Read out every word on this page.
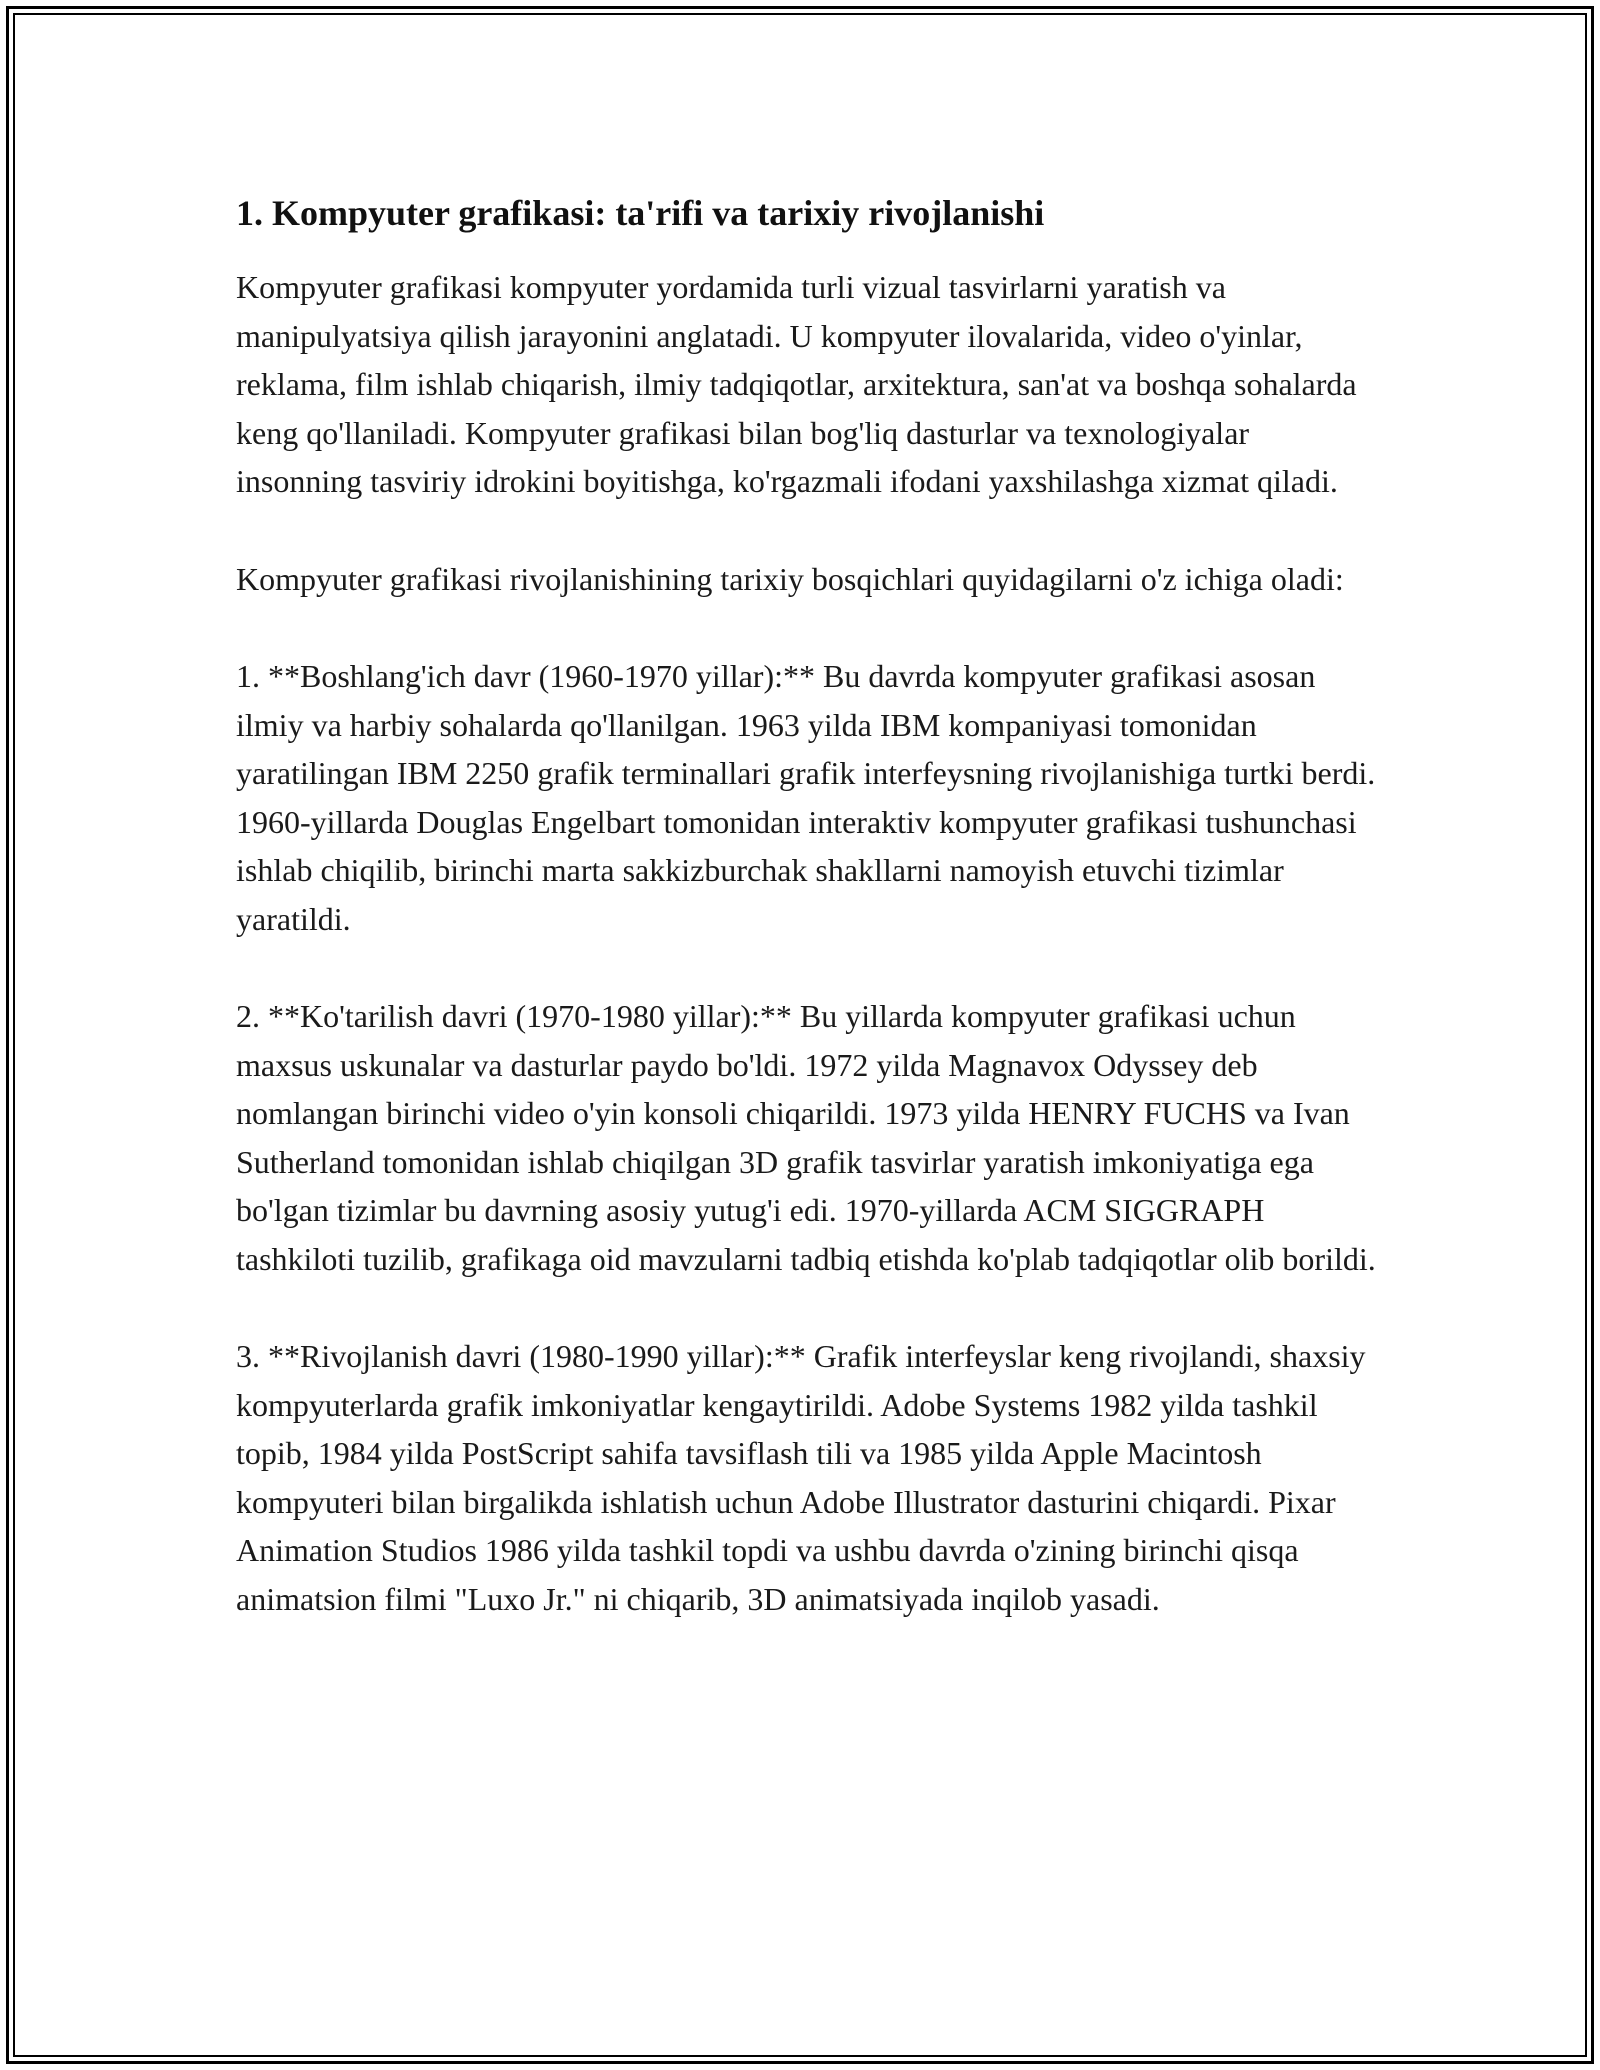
1. Kompyuter grafikasi: ta'rifi va tarixiy rivojlanishi

Kompyuter grafikasi kompyuter yordamida turli vizual tasvirlarni yaratish va manipulyatsiya qilish jarayonini anglatadi. U kompyuter ilovalarida, video o'yinlar, reklama, film ishlab chiqarish, ilmiy tadqiqotlar, arxitektura, san'at va boshqa sohalarda keng qo'llaniladi. Kompyuter grafikasi bilan bog'liq dasturlar va texnologiyalar insonning tasviriy idrokini boyitishga, ko'rgazmali ifodani yaxshilashga xizmat qiladi.

Kompyuter grafikasi rivojlanishining tarixiy bosqichlari quyidagilarni o'z ichiga oladi:

1. **Boshlang'ich davr (1960-1970 yillar):** Bu davrda kompyuter grafikasi asosan ilmiy va harbiy sohalarda qo'llanilgan. 1963 yilda IBM kompaniyasi tomonidan yaratilingan IBM 2250 grafik terminallari grafik interfeysning rivojlanishiga turtki berdi. 1960-yillarda Douglas Engelbart tomonidan interaktiv kompyuter grafikasi tushunchasi ishlab chiqilib, birinchi marta sakkizburchak shakllarni namoyish etuvchi tizimlar yaratildi.

2. **Ko'tarilish davri (1970-1980 yillar):** Bu yillarda kompyuter grafikasi uchun maxsus uskunalar va dasturlar paydo bo'ldi. 1972 yilda Magnavox Odyssey deb nomlangan birinchi video o'yin konsoli chiqarildi. 1973 yilda HENRY FUCHS va Ivan Sutherland tomonidan ishlab chiqilgan 3D grafik tasvirlar yaratish imkoniyatiga ega bo'lgan tizimlar bu davrning asosiy yutug'i edi. 1970-yillarda ACM SIGGRAPH tashkiloti tuzilib, grafikaga oid mavzularni tadbiq etishda ko'plab tadqiqotlar olib borildi.

3. **Rivojlanish davri (1980-1990 yillar):** Grafik interfeyslar keng rivojlandi, shaxsiy kompyuterlarda grafik imkoniyatlar kengaytirildi. Adobe Systems 1982 yilda tashkil topib, 1984 yilda PostScript sahifa tavsiflash tili va 1985 yilda Apple Macintosh kompyuteri bilan birgalikda ishlatish uchun Adobe Illustrator dasturini chiqardi. Pixar Animation Studios 1986 yilda tashkil topdi va ushbu davrda o'zining birinchi qisqa animatsion filmi "Luxo Jr." ni chiqarib, 3D animatsiyada inqilob yasadi.
